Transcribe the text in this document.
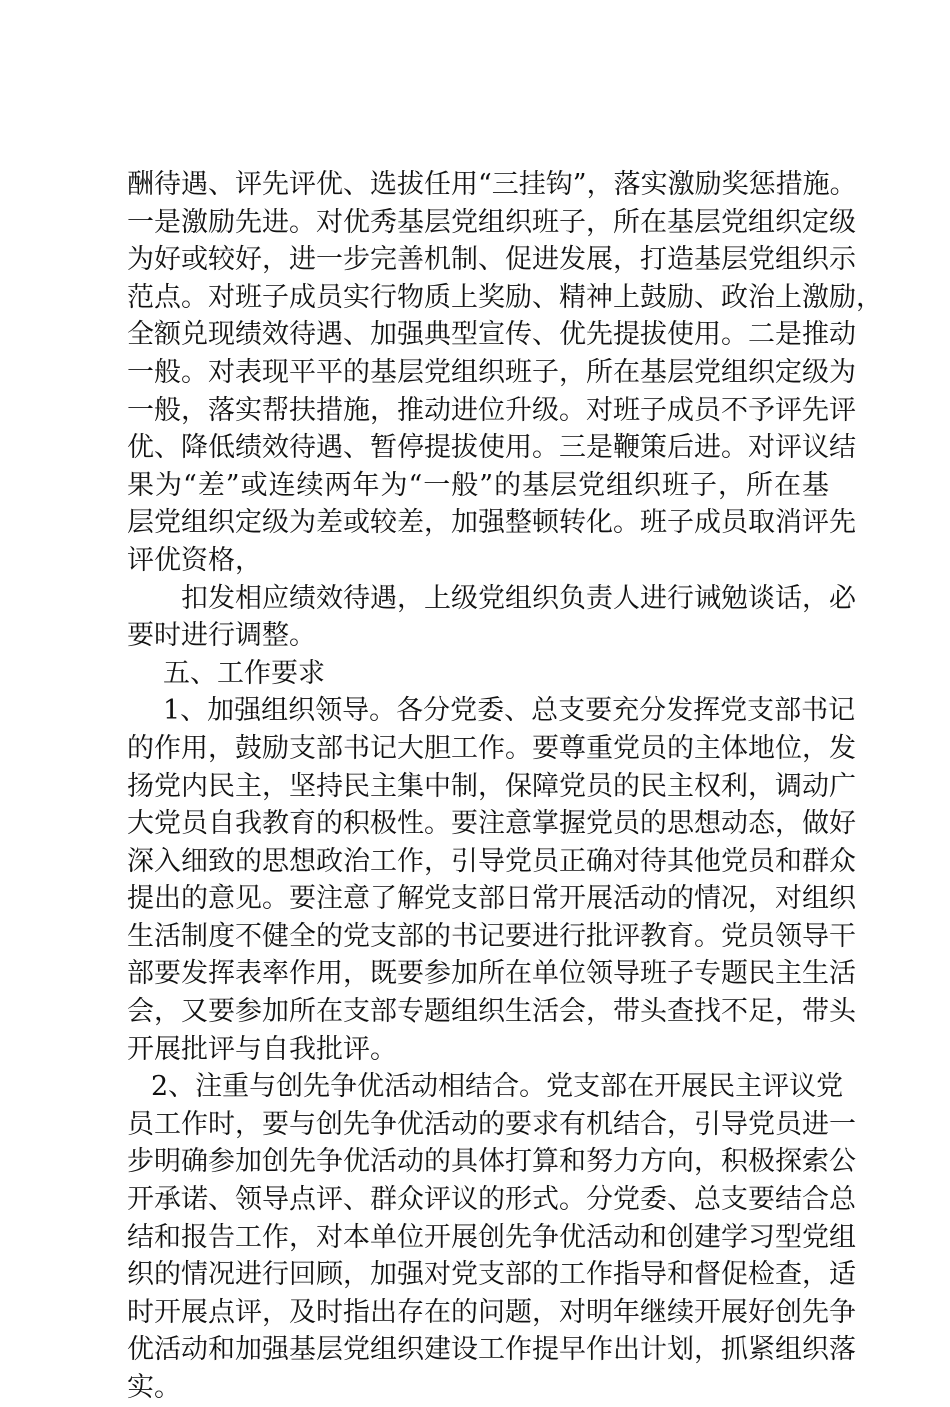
酬待遇、评先评优、选拔任用“三挂钩”，落实激励奖惩措施。
一是激励先进。对优秀基层党组织班子，所在基层党组织定级
为好或较好，进一步完善机制、促进发展，打造基层党组织示
范点。对班子成员实行物质上奖励、精神上鼓励、政治上激励，
全额兑现绩效待遇、加强典型宣传、优先提拔使用。二是推动
一般。对表现平平的基层党组织班子，所在基层党组织定级为
一般，落实帮扶措施，推动进位升级。对班子成员不予评先评
优、降低绩效待遇、暂停提拔使用。三是鞭策后进。对评议结
果为“差”或连续两年为“一般”的基层党组织班子，所在基
层党组织定级为差或较差，加强整顿转化。班子成员取消评先
评优资格，
扣发相应绩效待遇，上级党组织负责人进行诫勉谈话，必
要时进行调整。
五、工作要求
1、加强组织领导。各分党委、总支要充分发挥党支部书记
的作用，鼓励支部书记大胆工作。要尊重党员的主体地位，发
扬党内民主，坚持民主集中制，保障党员的民主权利，调动广
大党员自我教育的积极性。要注意掌握党员的思想动态，做好
深入细致的思想政治工作，引导党员正确对待其他党员和群众
提出的意见。要注意了解党支部日常开展活动的情况，对组织
生活制度不健全的党支部的书记要进行批评教育。党员领导干
部要发挥表率作用，既要参加所在单位领导班子专题民主生活
会，又要参加所在支部专题组织生活会，带头查找不足，带头
开展批评与自我批评。
2、注重与创先争优活动相结合。党支部在开展民主评议党
员工作时，要与创先争优活动的要求有机结合，引导党员进一
步明确参加创先争优活动的具体打算和努力方向，积极探索公
开承诺、领导点评、群众评议的形式。分党委、总支要结合总
结和报告工作，对本单位开展创先争优活动和创建学习型党组
织的情况进行回顾，加强对党支部的工作指导和督促检查，适
时开展点评，及时指出存在的问题，对明年继续开展好创先争
优活动和加强基层党组织建设工作提早作出计划，抓紧组织落
实。
